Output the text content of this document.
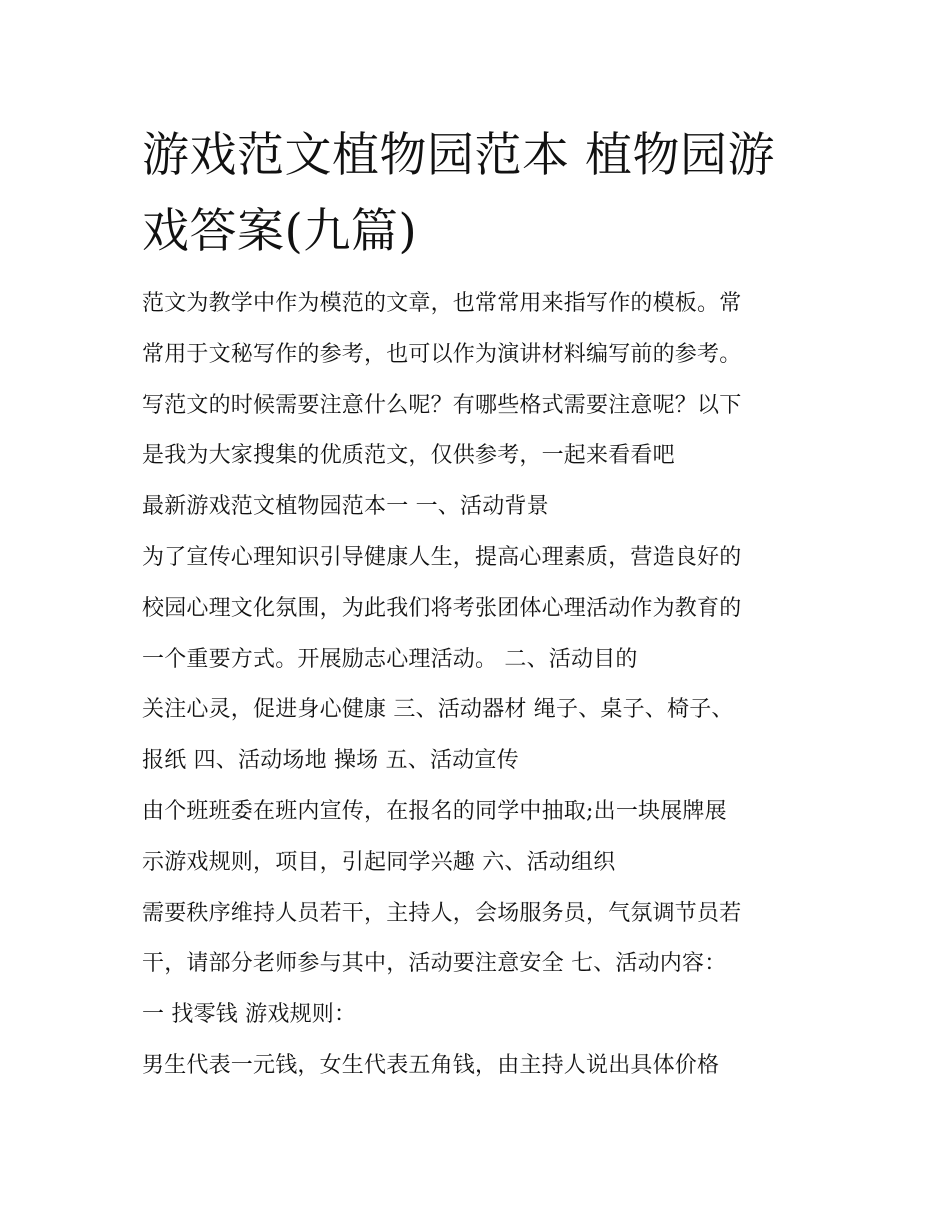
游戏范文植物园范本 植物园游
戏答案(九篇)
范文为教学中作为模范的文章，也常常用来指写作的模板。常
常用于文秘写作的参考，也可以作为演讲材料编写前的参考。
写范文的时候需要注意什么呢？有哪些格式需要注意呢？以下
是我为大家搜集的优质范文，仅供参考，一起来看看吧
最新游戏范文植物园范本一 一、活动背景
为了宣传心理知识引导健康人生，提高心理素质，营造良好的
校园心理文化氛围，为此我们将考张团体心理活动作为教育的
一个重要方式。开展励志心理活动。 二、活动目的
关注心灵，促进身心健康 三、活动器材 绳子、桌子、椅子、
报纸 四、活动场地 操场 五、活动宣传
由个班班委在班内宣传，在报名的同学中抽取;出一块展牌展
示游戏规则，项目，引起同学兴趣 六、活动组织
需要秩序维持人员若干，主持人，会场服务员，气氛调节员若
干，请部分老师参与其中，活动要注意安全 七、活动内容：
一 找零钱 游戏规则：
男生代表一元钱，女生代表五角钱，由主持人说出具体价格
